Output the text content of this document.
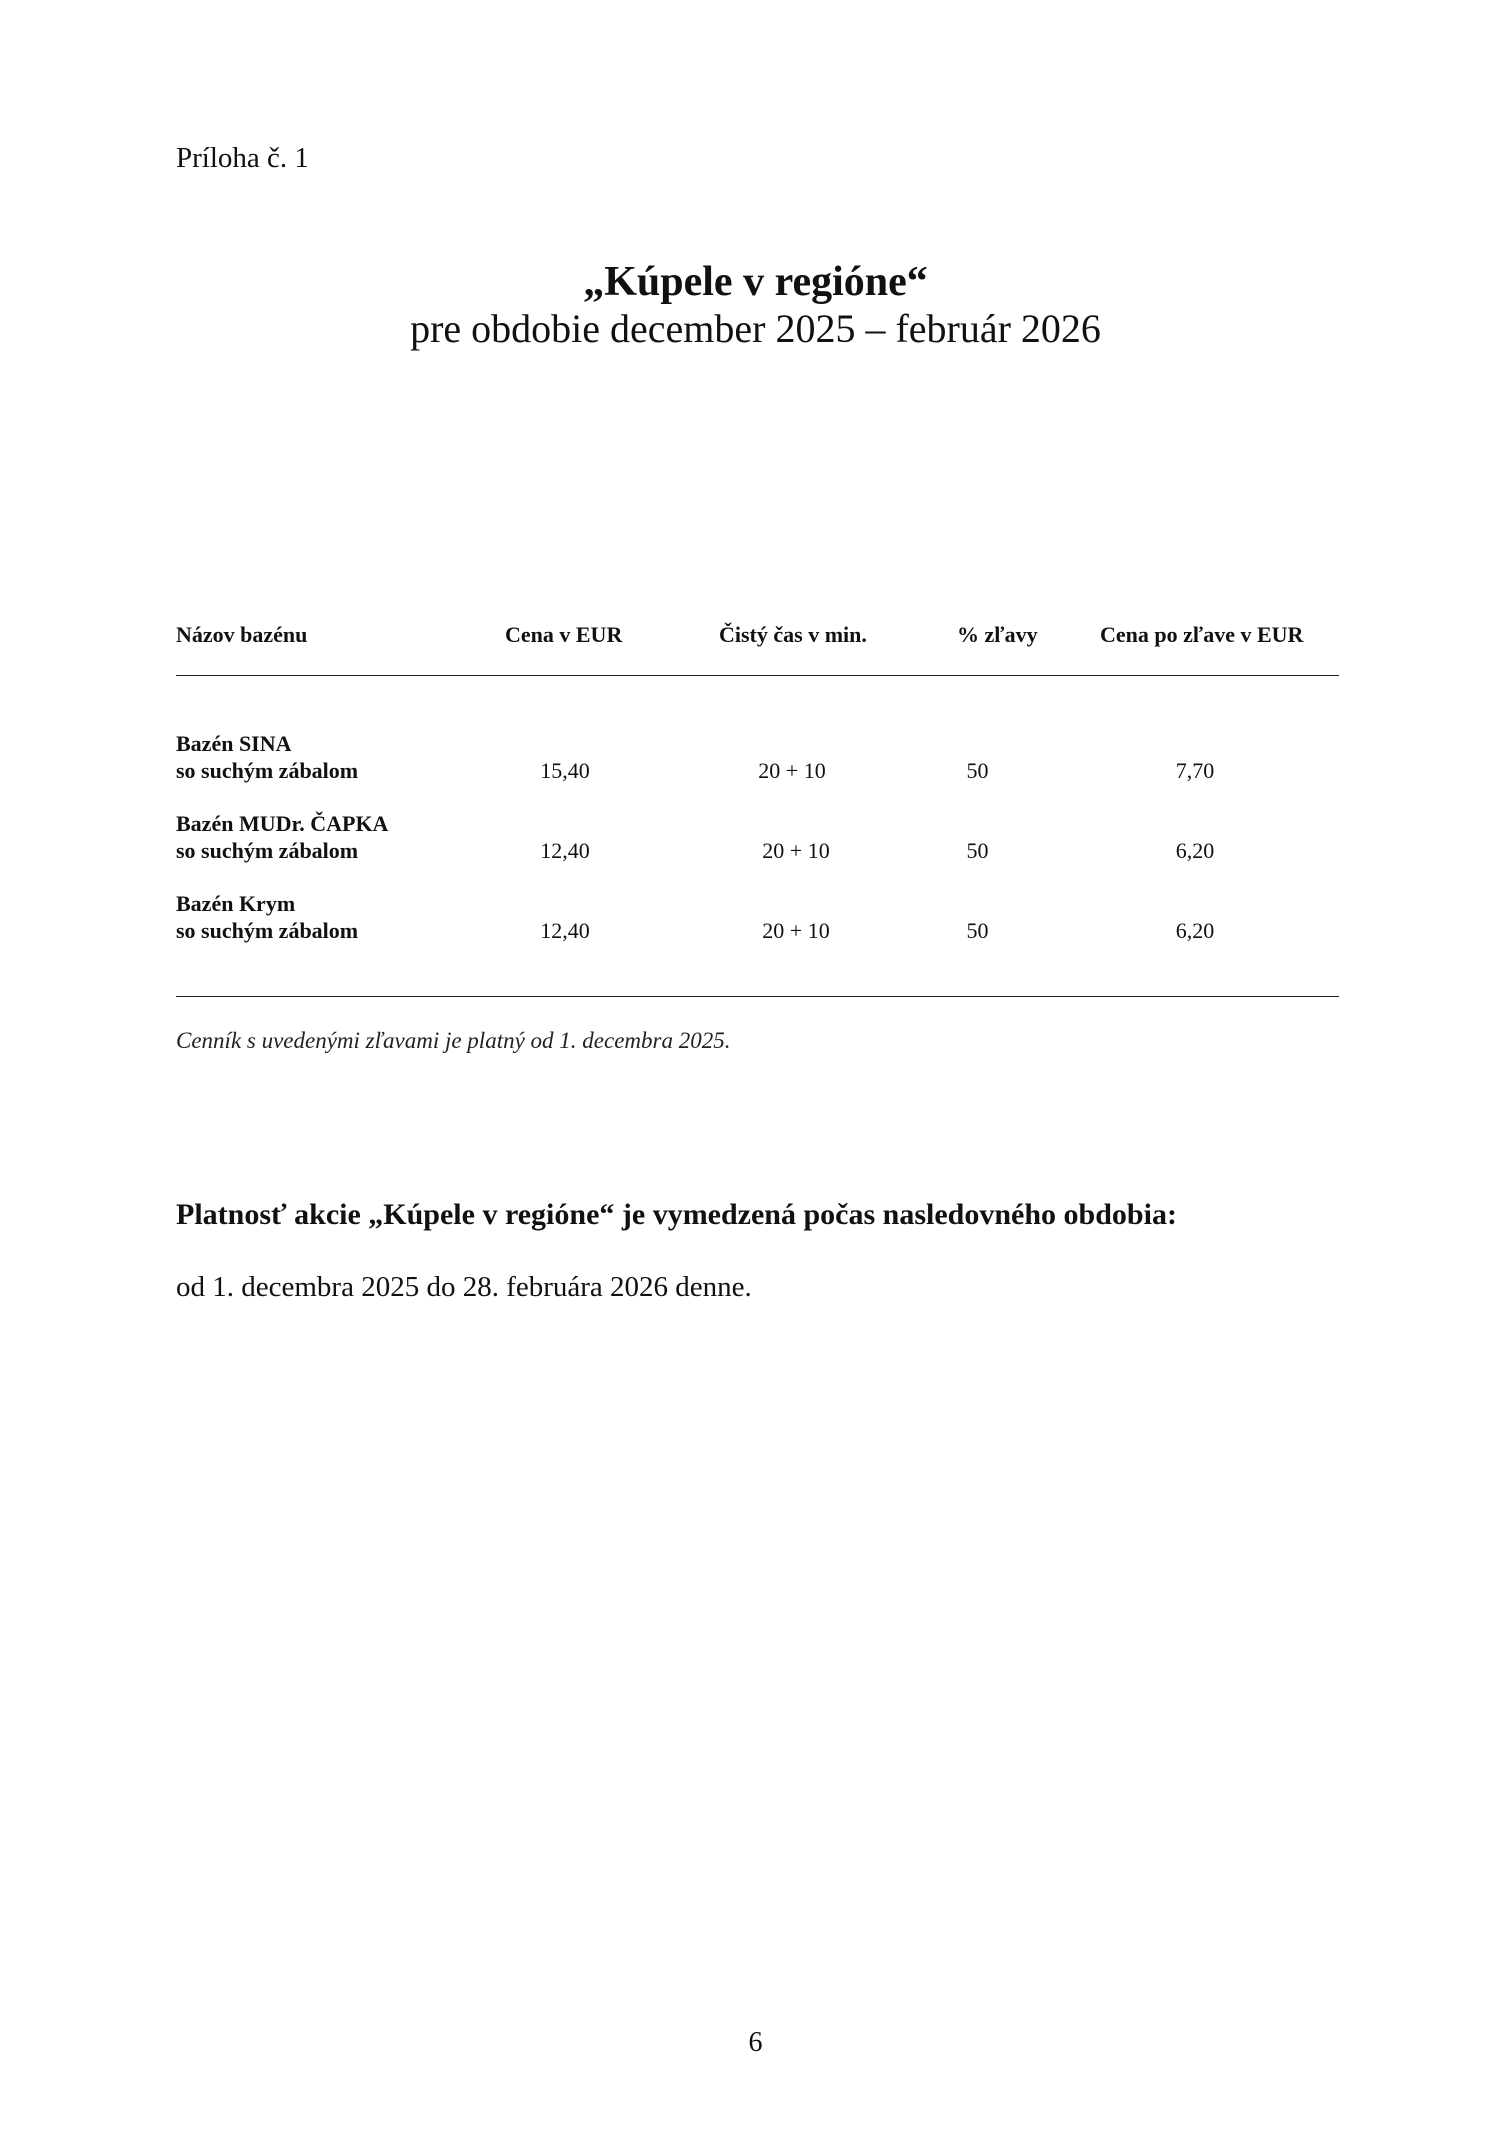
Príloha č. 1
„Kúpele v regióne“
pre obdobie december 2025 – február 2026
Názov bazénu	Cena v EUR	Čistý čas v min.	% zľavy	Cena po zľave v EUR
Bazén SINA
so suchým zábalom	15,40	20 + 10	50	7,70
Bazén MUDr. ČAPKA
so suchým zábalom	12,40	20 + 10	50	6,20
Bazén Krym
so suchým zábalom	12,40	20 + 10	50	6,20
Cenník s uvedenými zľavami je platný od 1. decembra 2025.
Platnosť akcie „Kúpele v regióne“ je vymedzená počas nasledovného obdobia:
od 1. decembra 2025 do 28. februára 2026 denne.
6
